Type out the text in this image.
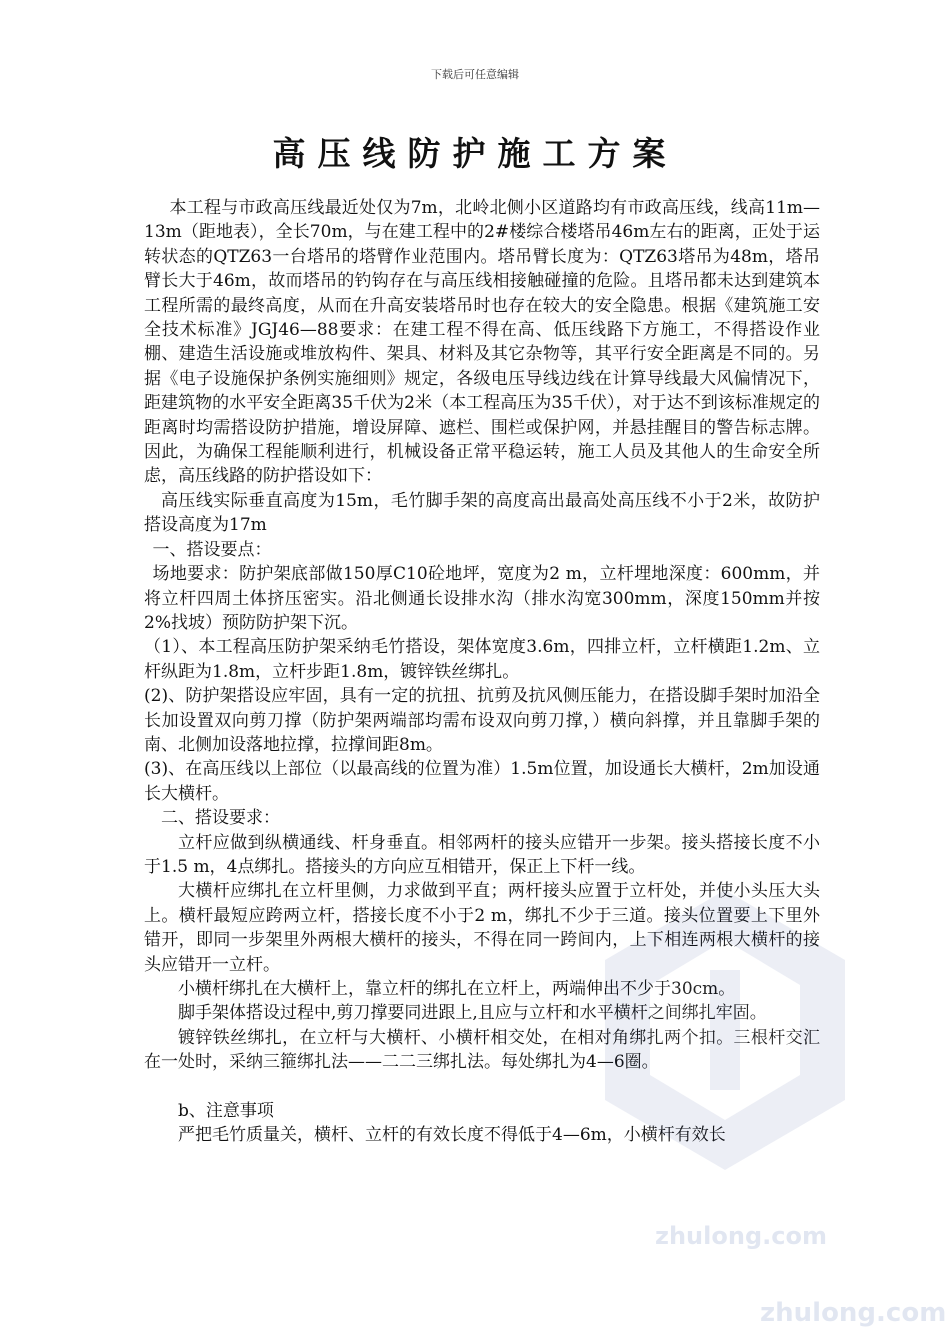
下载后可任意编辑
高压线防护施工方案

本工程与市政高压线最近处仅为7m，北岭北侧小区道路均有市政高压线，线高11m—13m（距地表），全长70m，与在建工程中的2#楼综合楼塔吊46m左右的距离，正处于运转状态的QTZ63一台塔吊的塔臂作业范围内。塔吊臂长度为：QTZ63塔吊为48m，塔吊臂长大于46m，故而塔吊的钓钩存在与高压线相接触碰撞的危险。且塔吊都未达到建筑本工程所需的最终高度，从而在升高安装塔吊时也存在较大的安全隐患。根据《建筑施工安全技术标准》JGJ46—88要求：在建工程不得在高、低压线路下方施工，不得搭设作业棚、建造生活设施或堆放构件、架具、材料及其它杂物等，其平行安全距离是不同的。另据《电子设施保护条例实施细则》规定，各级电压导线边线在计算导线最大风偏情况下，距建筑物的水平安全距离35千伏为2米（本工程高压为35千伏），对于达不到该标准规定的距离时均需搭设防护措施，增设屏障、遮栏、围栏或保护网，并悬挂醒目的警告标志牌。因此，为确保工程能顺利进行，机械设备正常平稳运转，施工人员及其他人的生命安全所虑，高压线路的防护搭设如下：

高压线实际垂直高度为15m，毛竹脚手架的高度高出最高处高压线不小于2米，故防护搭设高度为17m

一、搭设要点：

场地要求：防护架底部做150厚C10砼地坪，宽度为2 m，立杆埋地深度：600mm，并将立杆四周土体挤压密实。沿北侧通长设排水沟（排水沟宽300mm，深度150mm并按2%找坡）预防防护架下沉。

（1）、本工程高压防护架采纳毛竹搭设，架体宽度3.6m，四排立杆，立杆横距1.2m、立杆纵距为1.8m，立杆步距1.8m，镀锌铁丝绑扎。

(2)、防护架搭设应牢固，具有一定的抗扭、抗剪及抗风侧压能力，在搭设脚手架时加沿全长加设置双向剪刀撑（防护架两端部均需布设双向剪刀撑，）横向斜撑，并且靠脚手架的南、北侧加设落地拉撑，拉撑间距8m。

(3)、在高压线以上部位（以最高线的位置为准）1.5m位置，加设通长大横杆，2m加设通长大横杆。

二、搭设要求：

立杆应做到纵横通线、杆身垂直。相邻两杆的接头应错开一步架。接头搭接长度不小于1.5 m，4点绑扎。搭接头的方向应互相错开，保正上下杆一线。

大横杆应绑扎在立杆里侧，力求做到平直；两杆接头应置于立杆处，并使小头压大头上。横杆最短应跨两立杆，搭接长度不小于2 m，绑扎不少于三道。接头位置要上下里外错开，即同一步架里外两根大横杆的接头，不得在同一跨间内，上下相连两根大横杆的接头应错开一立杆。

小横杆绑扎在大横杆上，靠立杆的绑扎在立杆上，两端伸出不少于30cm。

脚手架体搭设过程中,剪刀撑要同进跟上,且应与立杆和水平横杆之间绑扎牢固。

镀锌铁丝绑扎，在立杆与大横杆、小横杆相交处，在相对角绑扎两个扣。三根杆交汇在一处时，采纳三箍绑扎法——二二三绑扎法。每处绑扎为4—6圈。

b、注意事项

严把毛竹质量关，横杆、立杆的有效长度不得低于4—6m，小横杆有效长

zhulong.com
zhulong.com
